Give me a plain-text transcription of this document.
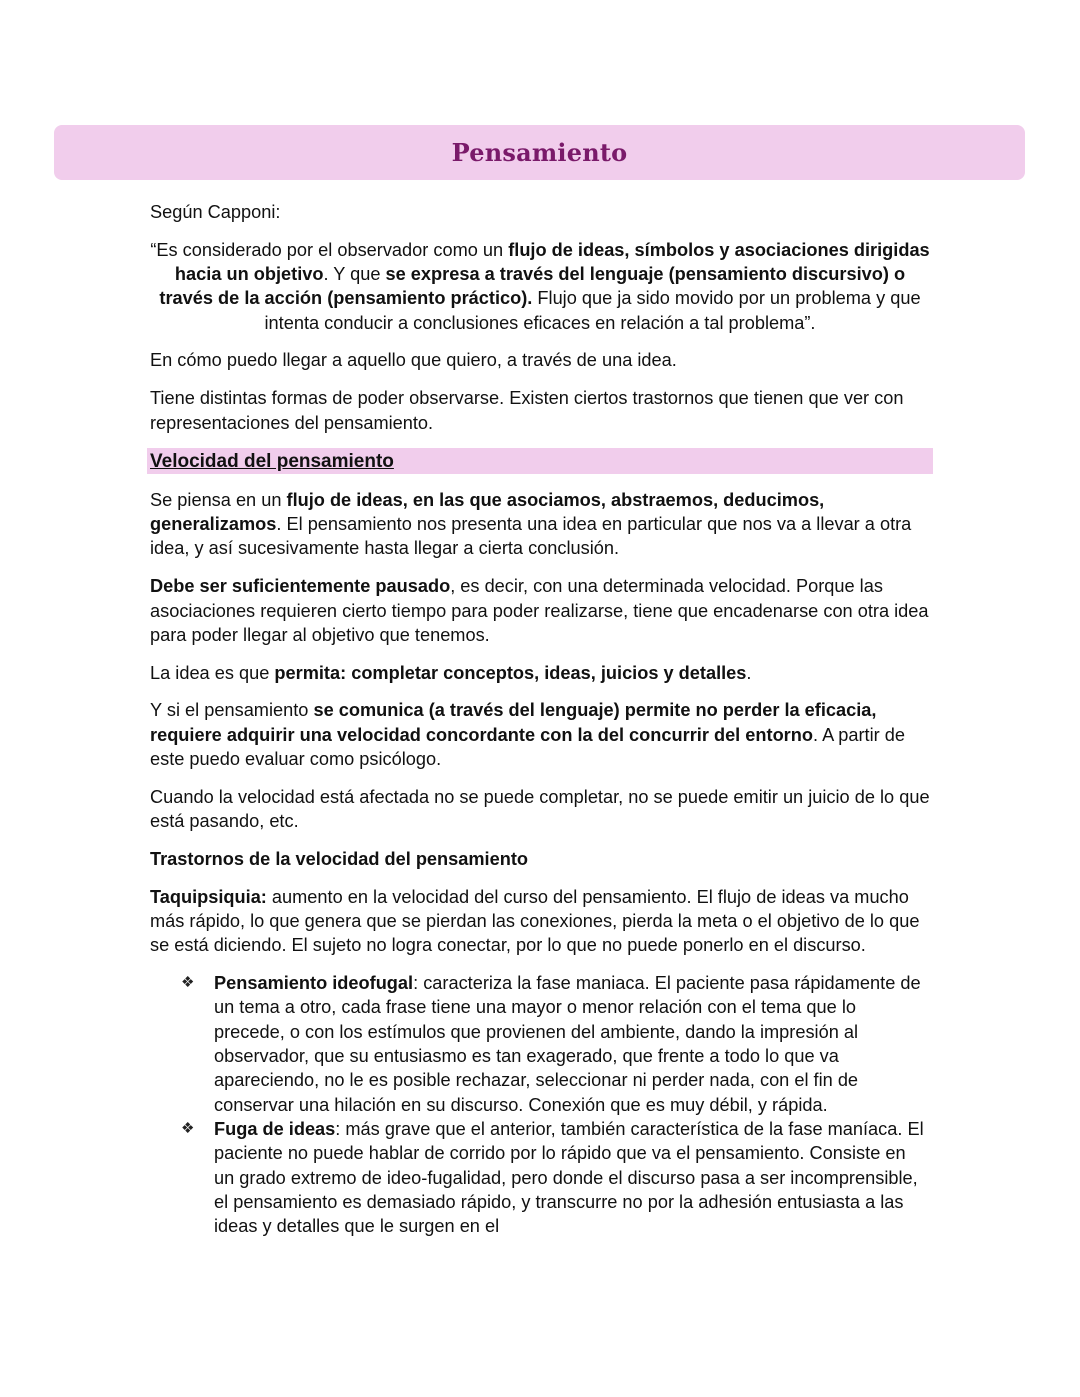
Pensamiento

Según Capponi:

“Es considerado por el observador como un flujo de ideas, símbolos y asociaciones dirigidas hacia un objetivo. Y que se expresa a través del lenguaje (pensamiento discursivo) o través de la acción (pensamiento práctico). Flujo que ja sido movido por un problema y que intenta conducir a conclusiones eficaces en relación a tal problema”.

En cómo puedo llegar a aquello que quiero, a través de una idea.

Tiene distintas formas de poder observarse. Existen ciertos trastornos que tienen que ver con representaciones del pensamiento.

Velocidad del pensamiento

Se piensa en un flujo de ideas, en las que asociamos, abstraemos, deducimos, generalizamos. El pensamiento nos presenta una idea en particular que nos va a llevar a otra idea, y así sucesivamente hasta llegar a cierta conclusión.

Debe ser suficientemente pausado, es decir, con una determinada velocidad. Porque las asociaciones requieren cierto tiempo para poder realizarse, tiene que encadenarse con otra idea para poder llegar al objetivo que tenemos.

La idea es que permita: completar conceptos, ideas, juicios y detalles.

Y si el pensamiento se comunica (a través del lenguaje) permite no perder la eficacia, requiere adquirir una velocidad concordante con la del concurrir del entorno. A partir de este puedo evaluar como psicólogo.

Cuando la velocidad está afectada no se puede completar, no se puede emitir un juicio de lo que está pasando, etc.

Trastornos de la velocidad del pensamiento

Taquipsiquia: aumento en la velocidad del curso del pensamiento. El flujo de ideas va mucho más rápido, lo que genera que se pierdan las conexiones, pierda la meta o el objetivo de lo que se está diciendo. El sujeto no logra conectar, por lo que no puede ponerlo en el discurso.

❖ Pensamiento ideofugal: caracteriza la fase maniaca. El paciente pasa rápidamente de un tema a otro, cada frase tiene una mayor o menor relación con el tema que lo precede, o con los estímulos que provienen del ambiente, dando la impresión al observador, que su entusiasmo es tan exagerado, que frente a todo lo que va apareciendo, no le es posible rechazar, seleccionar ni perder nada, con el fin de conservar una hilación en su discurso. Conexión que es muy débil, y rápida.
❖ Fuga de ideas: más grave que el anterior, también característica de la fase maníaca. El paciente no puede hablar de corrido por lo rápido que va el pensamiento. Consiste en un grado extremo de ideo-fugalidad, pero donde el discurso pasa a ser incomprensible, el pensamiento es demasiado rápido, y transcurre no por la adhesión entusiasta a las ideas y detalles que le surgen en el
